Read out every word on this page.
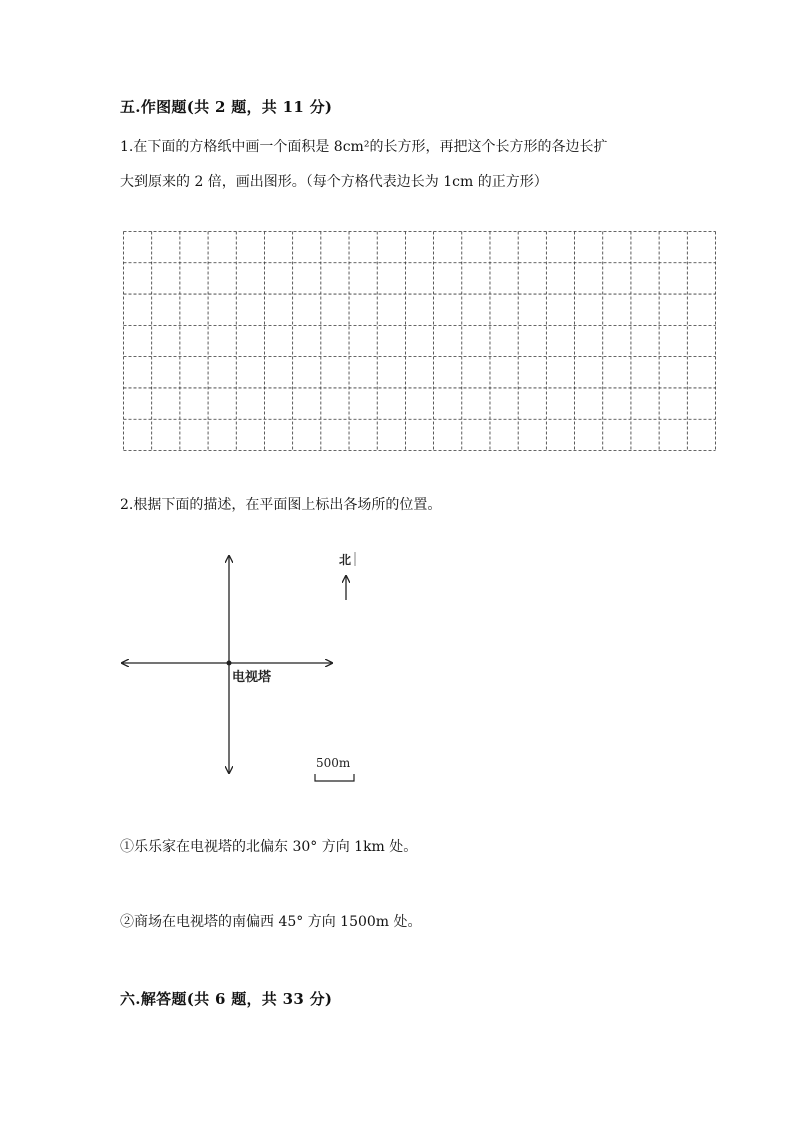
五.作图题(共 2 题，共 11 分)
1.在下面的方格纸中画一个面积是 8cm²的长方形，再把这个长方形的各边长扩
大到原来的 2 倍，画出图形。（每个方格代表边长为 1cm 的正方形）
2.根据下面的描述，在平面图上标出各场所的位置。
电视塔
北
500m
①乐乐家在电视塔的北偏东 30° 方向 1km 处。
②商场在电视塔的南偏西 45° 方向 1500m 处。
六.解答题(共 6 题，共 33 分)
